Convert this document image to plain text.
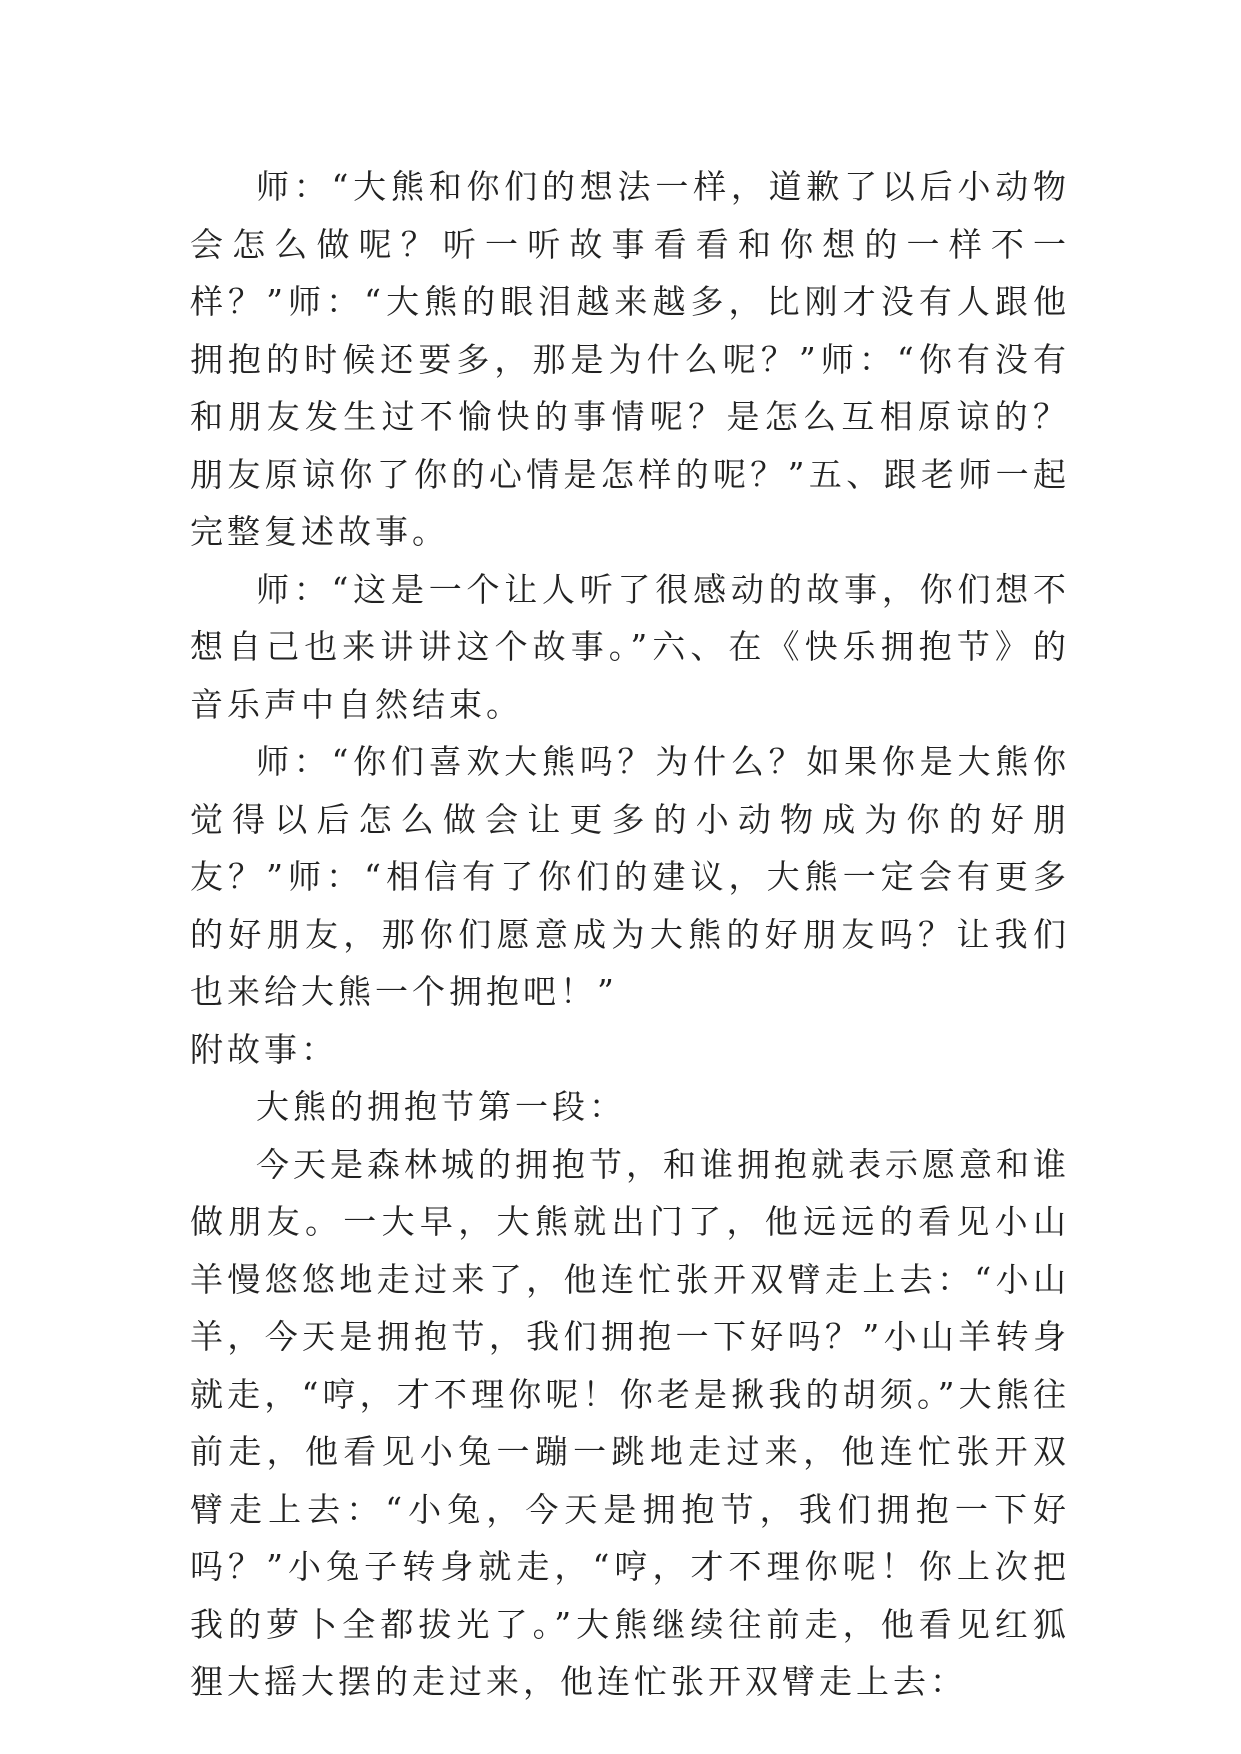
师：“大熊和你们的想法一样，道歉了以后小动物会怎么做呢？听一听故事看看和你想的一样不一样？”师：“大熊的眼泪越来越多，比刚才没有人跟他拥抱的时候还要多，那是为什么呢？”师：“你有没有和朋友发生过不愉快的事情呢？是怎么互相原谅的？朋友原谅你了你的心情是怎样的呢？”五、跟老师一起完整复述故事。

师：“这是一个让人听了很感动的故事，你们想不想自己也来讲讲这个故事。”六、在《快乐拥抱节》的音乐声中自然结束。

师：“你们喜欢大熊吗？为什么？如果你是大熊你觉得以后怎么做会让更多的小动物成为你的好朋友？”师：“相信有了你们的建议，大熊一定会有更多的好朋友，那你们愿意成为大熊的好朋友吗？让我们也来给大熊一个拥抱吧！”

附故事：

大熊的拥抱节第一段：

今天是森林城的拥抱节，和谁拥抱就表示愿意和谁做朋友。一大早，大熊就出门了，他远远的看见小山羊慢悠悠地走过来了，他连忙张开双臂走上去：“小山羊，今天是拥抱节，我们拥抱一下好吗？”小山羊转身就走，“哼，才不理你呢！你老是揪我的胡须。”大熊往前走，他看见小兔一蹦一跳地走过来，他连忙张开双臂走上去：“小兔，今天是拥抱节，我们拥抱一下好吗？”小兔子转身就走，“哼，才不理你呢！你上次把我的萝卜全都拔光了。”大熊继续往前走，他看见红狐狸大摇大摆的走过来，他连忙张开双臂走上去：
